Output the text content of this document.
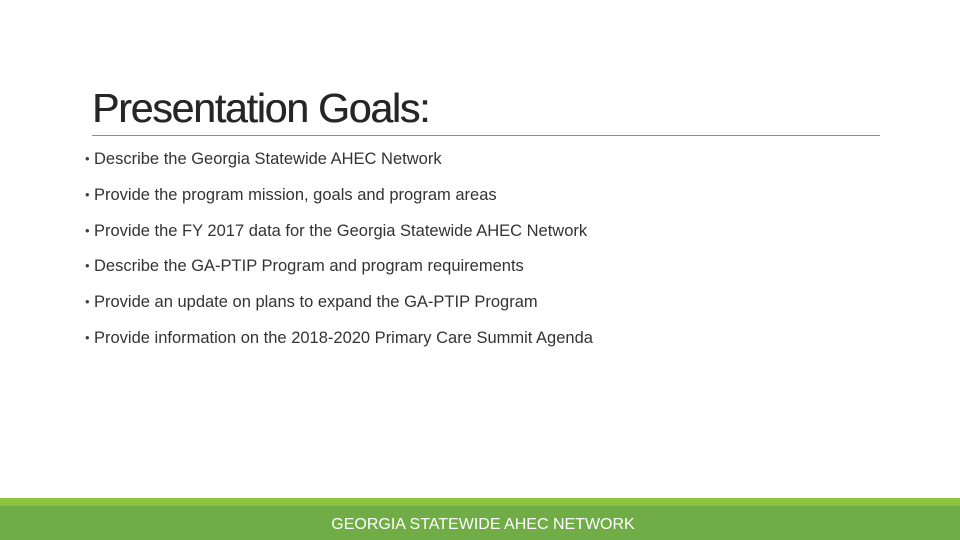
Presentation Goals:
• Describe the Georgia Statewide AHEC Network
• Provide the program mission, goals and program areas
• Provide the FY 2017 data for the Georgia Statewide AHEC Network
• Describe the GA-PTIP Program and program requirements
• Provide an update on plans to expand the GA-PTIP Program
• Provide information on the 2018-2020 Primary Care Summit Agenda
GEORGIA STATEWIDE AHEC NETWORK
